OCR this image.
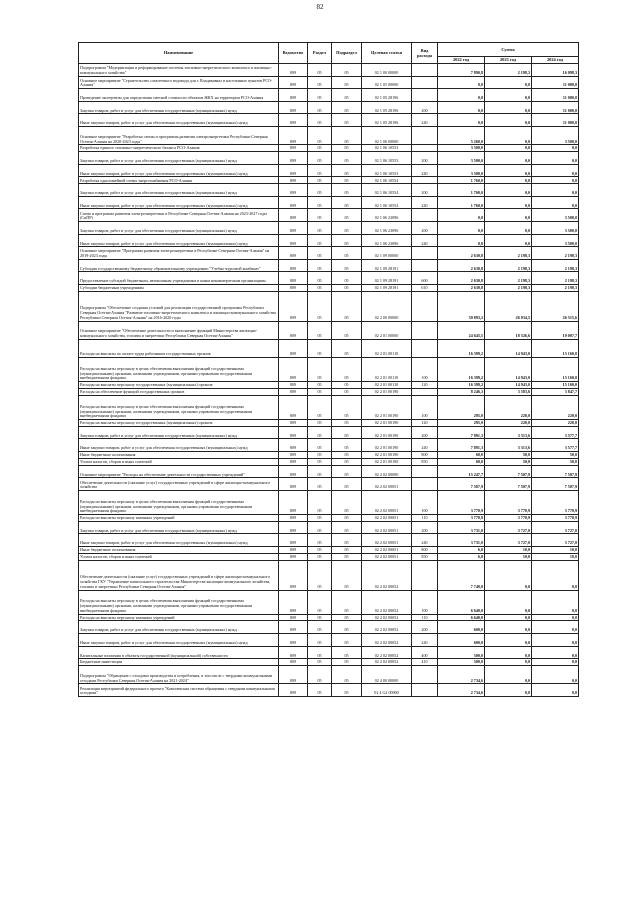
82
Наименование	Ведомство	Раздел	Подраздел	Целевая статья	Вид расхода	Сумма		
						2022 год	2023 год	2024 год
Подпрограмма "Модернизация и реформирование системы топливно-энергетического комплекса и жилищно-коммунального хозяйства"	809	05	05	02 1 00 00000		7 890,8	2 198,3	16 098,3
Основное мероприятие "Строительство самотечного водовода для г. Владикавказ и населенных пунктов РСО-Алания"	809	05	05	02 1 05 00000		0,0	0,0	11 000,0
Проведение экспертизы для определения сметной стоимости объектов ЖКХ на территории РСО-Алания	809	05	05	02 1 05 28196		0,0	0,0	11 000,0
Закупка товаров, работ и услуг для обеспечения государственных (муниципальных) нужд	809	05	05	02 1 05 28196	200	0,0	0,0	11 000,0
Иные закупки товаров, работ и услуг для обеспечения государственных (муниципальных) нужд	809	05	05	02 1 05 28196	240	0,0	0,0	11 000,0
Основное мероприятие "Разработка схемы и программы развития электроэнергетики Республики Северная Осетия-Алания на 2020-2023 годы"	809	05	05	02 1 06 00000		5 260,0	0,0	3 500,0
Разработка единого топливно-энергетического баланса РСО-Алания	809	05	05	02 1 06 10553		3 500,0	0,0	0,0
Закупка товаров, работ и услуг для обеспечения государственных (муниципальных) нужд	809	05	05	02 1 06 10553	200	3 500,0	0,0	0,0
Иные закупки товаров, работ и услуг для обеспечения государственных (муниципальных) нужд	809	05	05	02 1 06 10553	240	3 500,0	0,0	0,0
Разработка однолинейной схемы энергоснабжения РСО-Алания	809	05	05	02 1 06 10554		1 760,0	0,0	0,0
Закупка товаров, работ и услуг для обеспечения государственных (муниципальных) нужд	809	05	05	02 1 06 10554	200	1 760,0	0,0	0,0
Иные закупки товаров, работ и услуг для обеспечения государственных (муниципальных) нужд	809	05	05	02 1 06 10554	240	1 760,0	0,0	0,0
Схема и программа развития электроэнергетики в Республике Северная Осетия-Алания на 2023-2027 годы (СиПР)	809	05	05	02 1 06 23096		0,0	0,0	3 500,0
Закупка товаров, работ и услуг для обеспечения государственных (муниципальных) нужд	809	05	05	02 1 06 23096	200	0,0	0,0	3 500,0
Иные закупки товаров, работ и услуг для обеспечения государственных (муниципальных) нужд	809	05	05	02 1 06 23096	240	0,0	0,0	3 500,0
Основное мероприятие "Программа развития электроэнергетики в Республике Северная Осетия-Алания" на 2019-2023 годы	809	05	05	02 1 09 00000		2 630,8	2 198,3	2 198,3
Субсидия государственному бюджетному образовательному учреждению "Учебно-курсовой комбинат"	809	05	05	02 1 09 28191		2 630,8	2 198,3	2 198,3
Предоставление субсидий бюджетным, автономным учреждениям и иным некоммерческим организациям	809	05	05	02 1 09 28191	600	2 630,8	2 198,3	2 198,3
Субсидии бюджетным учреждениям	809	05	05	02 1 09 28191	610	2 630,8	2 198,3	2 198,3
Подпрограмма "Обеспечение создания условий для реализации государственной программы Республики Северная Осетия-Алания "Развитие топливно-энергетического комплекса и жилищно-коммунального хозяйства Республики Северная Осетия-Алания" на 2016-2020 годы	809	05	05	02 2 00 00000		39 893,2	26 034,5	26 515,6
Основное мероприятие "Обеспечение деятельности и выполнение функций Министерства жилищно-коммунального хозяйства, топлива и энергетики Республики Северная Осетия-Алания"	809	05	05	02 2 01 00000		24 645,5	18 526,6	19 007,7
Расходы на выплаты по оплате труда работников государственных органов	809	05	05	02 2 01 00110		16 399,2	14 943,0	15 160,0
Расходы на выплаты персоналу в целях обеспечения выполнения функций государственными (муниципальными) органами, казенными учреждениями, органами управления государственными внебюджетными фондами	809	05	05	02 2 01 00110	100	16 399,2	14 943,0	15 160,0
Расходы на выплаты персоналу государственных (муниципальных) органов	809	05	05	02 2 01 00110	120	16 399,2	14 943,0	15 160,0
Расходы на обеспечение функций государственных органов	809	05	05	02 2 01 00190		8 246,3	3 583,6	3 847,7
Расходы на выплаты персоналу в целях обеспечения выполнения функций государственными (муниципальными) органами, казенными учреждениями, органами управления государственными внебюджетными фондами	809	05	05	02 2 01 00190	100	295,0	220,0	220,0
Расходы на выплаты персоналу государственных (муниципальных) органов	809	05	05	02 2 01 00190	120	295,0	220,0	220,0
Закупка товаров, работ и услуг для обеспечения государственных (муниципальных) нужд	809	05	05	02 2 01 00190	200	7 891,3	3 313,6	3 577,7
Иные закупки товаров, работ и услуг для обеспечения государственных (муниципальных) нужд	809	05	05	02 2 01 00190	240	7 891,3	3 313,6	3 577,7
Иные бюджетные ассигнования	809	05	05	02 2 01 00190	800	60,0	50,0	50,0
Уплата налогов, сборов и иных платежей	809	05	05	02 2 01 00190	850	60,0	50,0	50,0
Основное мероприятие "Расходы на обеспечение деятельности государственных учреждений"	809	05	05	02 2 02 00000		15 247,7	7 507,9	7 507,9
Обеспечение деятельности (оказание услуг) государственных учреждений в сфере жилищно-коммунального хозяйства	809	05	05	02 2 02 00051		7 507,9	7 507,9	7 507,9
Расходы на выплаты персоналу в целях обеспечения выполнения функций государственными (муниципальными) органами, казенными учреждениями, органами управления государственными внебюджетными фондами	809	05	05	02 2 02 00051	100	3 770,9	3 770,9	3 770,9
Расходы на выплаты персоналу казенных учреждений	809	05	05	02 2 02 00051	110	3 770,9	3 770,9	3 770,9
Закупка товаров, работ и услуг для обеспечения государственных (муниципальных) нужд	809	05	05	02 2 02 00051	200	3 731,0	3 727,0	3 727,0
Иные закупки товаров, работ и услуг для обеспечения государственных (муниципальных) нужд	809	05	05	02 2 02 00051	240	3 731,0	3 727,0	3 727,0
Иные бюджетные ассигнования	809	05	05	02 2 02 00051	800	6,0	10,0	10,0
Уплата налогов, сборов и иных платежей	809	05	05	02 2 02 00051	850	6,0	10,0	10,0
Обеспечение деятельности (оказание услуг) государственных учреждений в сфере жилищно-коммунального хозяйства ГКУ "Управление капитального строительства Министерства жилищно-коммунального хозяйства, топлива и энергетики Республики Северная Осетия-Алания"	809	05	05	02 2 02 00052		7 740,0	0,0	0,0
Расходы на выплаты персоналу в целях обеспечения выполнения функций государственными (муниципальными) органами, казенными учреждениями, органами управления государственными внебюджетными фондами	809	05	05	02 2 02 00052	100	6 640,0	0,0	0,0
Расходы на выплаты персоналу казенных учреждений	809	05	05	02 2 02 00052	110	6 640,0	0,0	0,0
Закупка товаров, работ и услуг для обеспечения государственных (муниципальных) нужд	809	05	05	02 2 02 00052	200	600,0	0,0	0,0
Иные закупки товаров, работ и услуг для обеспечения государственных (муниципальных) нужд	809	05	05	02 2 02 00052	240	600,0	0,0	0,0
Капитальные вложения в объекты государственной (муниципальной) собственности	809	05	05	02 2 02 00052	400	500,0	0,0	0,0
Бюджетные инвестиции	809	05	05	02 2 02 00052	410	500,0	0,0	0,0
Подпрограмма "Обращение с отходами производства и потребления, в том числе с твердыми коммунальными отходами Республики Северная Осетия-Алания на 2021-2024"	809	05	05	02 4 00 00000		2 734,6	0,0	0,0
Реализация мероприятий федерального проекта "Комплексная система обращения с твердыми коммунальными отходами"	809	05	05	02 4 G2 00000		2 734,6	0,0	0,0
